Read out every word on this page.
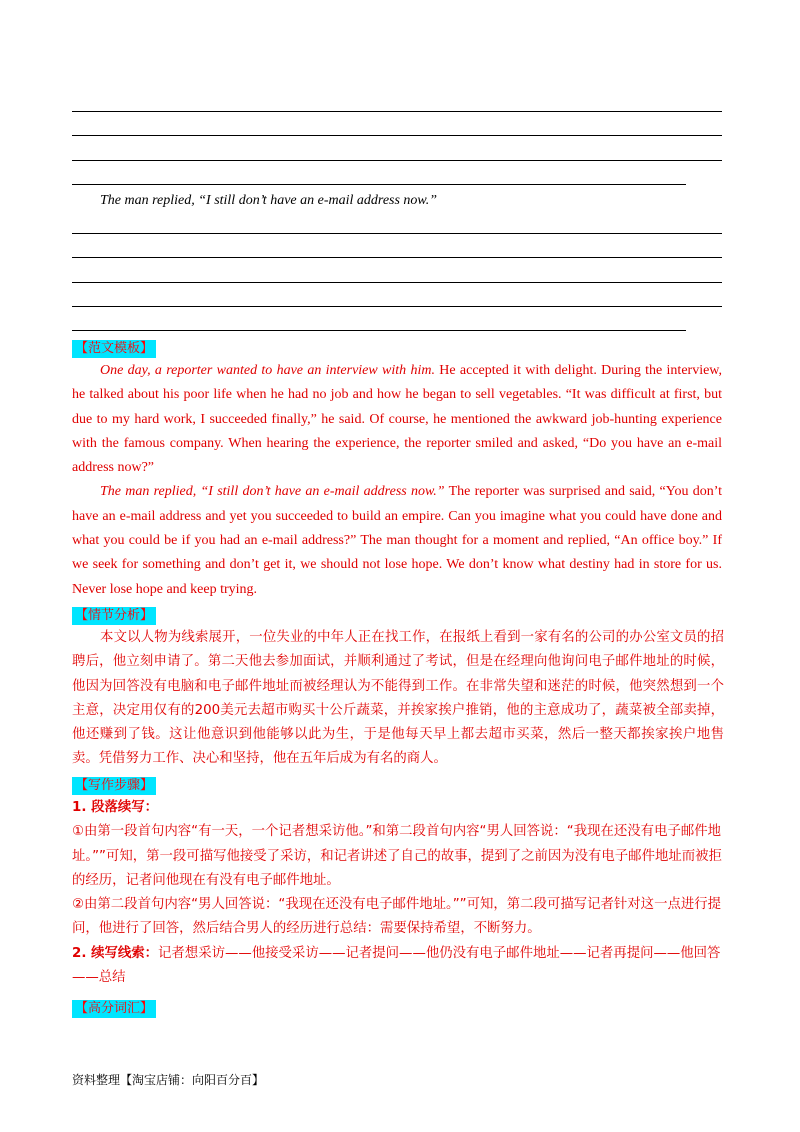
The man replied, “I still don’t have an e-mail address now.”
【范文模板】

One day, a reporter wanted to have an interview with him. He accepted it with delight. During the interview, he talked about his poor life when he had no job and how he began to sell vegetables. “It was difficult at first, but due to my hard work, I succeeded finally,” he said. Of course, he mentioned the awkward job-hunting experience with the famous company. When hearing the experience, the reporter smiled and asked, “Do you have an e-mail address now?”

The man replied, “I still don’t have an e-mail address now.” The reporter was surprised and said, “You don’t have an e-mail address and yet you succeeded to build an empire. Can you imagine what you could have done and what you could be if you had an e-mail address?” The man thought for a moment and replied, “An office boy.” If we seek for something and don’t get it, we should not lose hope. We don’t know what destiny had in store for us. Never lose hope and keep trying.

【情节分析】

本文以人物为线索展开，一位失业的中年人正在找工作，在报纸上看到一家有名的公司的办公室文员的招聘后，他立刻申请了。第二天他去参加面试，并顺利通过了考试，但是在经理向他询问电子邮件地址的时候，他因为回答没有电脑和电子邮件地址而被经理认为不能得到工作。在非常失望和迷茫的时候，他突然想到一个主意，决定用仅有的200美元去超市购买十公斤蔬菜，并挨家挨户推销，他的主意成功了，蔬菜被全部卖掉，他还赚到了钱。这让他意识到他能够以此为生，于是他每天早上都去超市买菜，然后一整天都挨家挨户地售卖。凭借努力工作、决心和坚持，他在五年后成为有名的商人。

【写作步骤】

1. 段落续写：

①由第一段首句内容“有一天，一个记者想采访他。”和第二段首句内容“男人回答说：“我现在还没有电子邮件地址。””可知，第一段可描写他接受了采访，和记者讲述了自己的故事，提到了之前因为没有电子邮件地址而被拒的经历，记者问他现在有没有电子邮件地址。

②由第二段首句内容“男人回答说：“我现在还没有电子邮件地址。””可知，第二段可描写记者针对这一点进行提问，他进行了回答，然后结合男人的经历进行总结：需要保持希望，不断努力。

2. 续写线索：记者想采访——他接受采访——记者提问——他仍没有电子邮件地址——记者再提问——他回答——总结

【高分词汇】
资料整理【淘宝店铺：向阳百分百】
